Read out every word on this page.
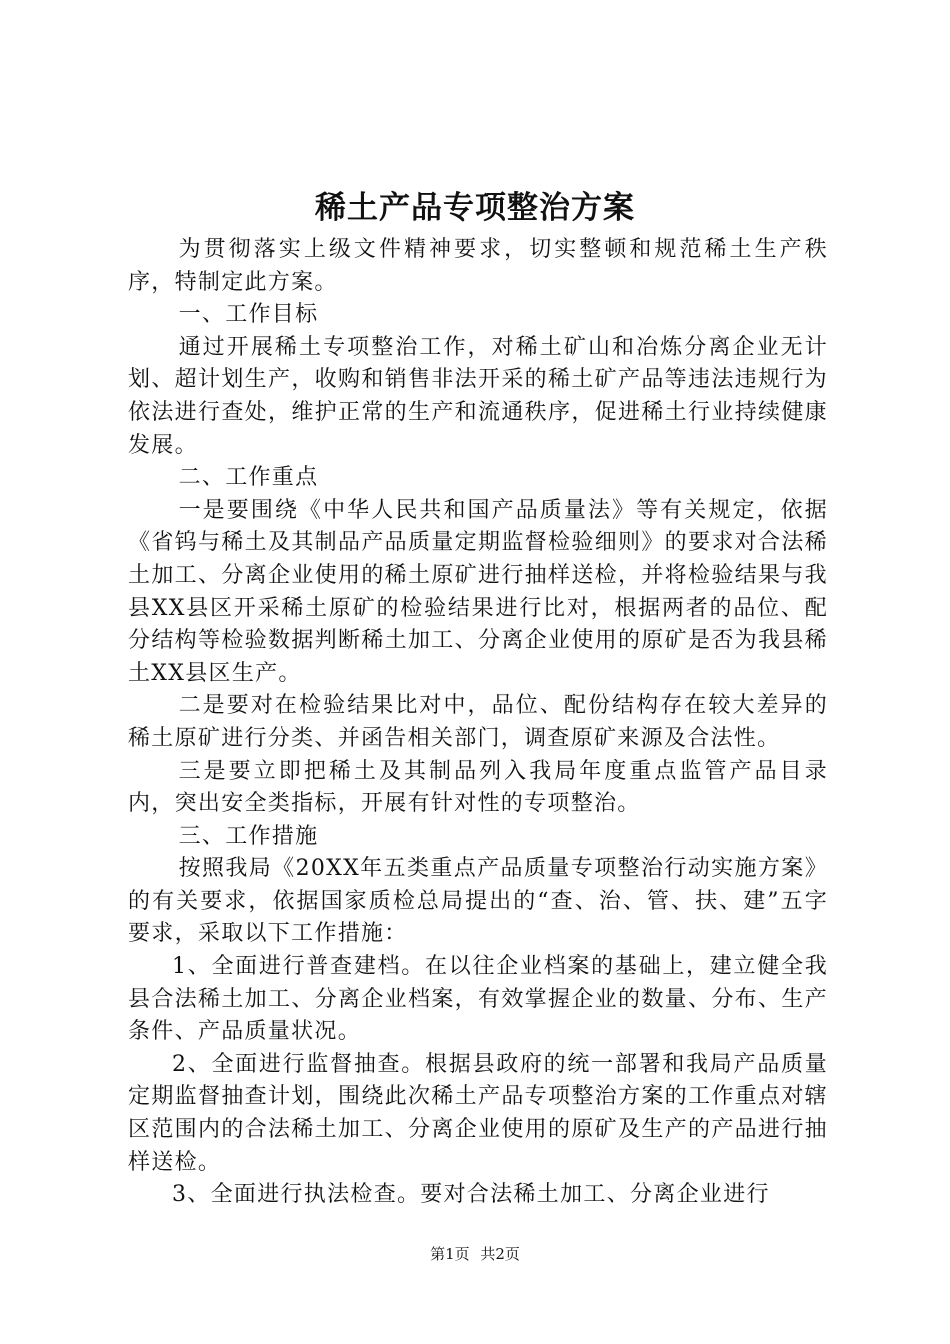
稀土产品专项整治方案

为贯彻落实上级文件精神要求，切实整顿和规范稀土生产秩序，特制定此方案。

一、工作目标

通过开展稀土专项整治工作，对稀土矿山和冶炼分离企业无计划、超计划生产，收购和销售非法开采的稀土矿产品等违法违规行为依法进行查处，维护正常的生产和流通秩序，促进稀土行业持续健康发展。

二、工作重点

一是要围绕《中华人民共和国产品质量法》等有关规定，依据《省钨与稀土及其制品产品质量定期监督检验细则》的要求对合法稀土加工、分离企业使用的稀土原矿进行抽样送检，并将检验结果与我县XX县区开采稀土原矿的检验结果进行比对，根据两者的品位、配分结构等检验数据判断稀土加工、分离企业使用的原矿是否为我县稀土XX县区生产。

二是要对在检验结果比对中，品位、配份结构存在较大差异的稀土原矿进行分类、并函告相关部门，调查原矿来源及合法性。

三是要立即把稀土及其制品列入我局年度重点监管产品目录内，突出安全类指标，开展有针对性的专项整治。

三、工作措施

按照我局《20XX年五类重点产品质量专项整治行动实施方案》的有关要求，依据国家质检总局提出的“查、治、管、扶、建”五字要求，采取以下工作措施：

1、全面进行普查建档。在以往企业档案的基础上，建立健全我县合法稀土加工、分离企业档案，有效掌握企业的数量、分布、生产条件、产品质量状况。

2、全面进行监督抽查。根据县政府的统一部署和我局产品质量定期监督抽查计划，围绕此次稀土产品专项整治方案的工作重点对辖区范围内的合法稀土加工、分离企业使用的原矿及生产的产品进行抽样送检。

3、全面进行执法检查。要对合法稀土加工、分离企业进行

第1页 共2页
